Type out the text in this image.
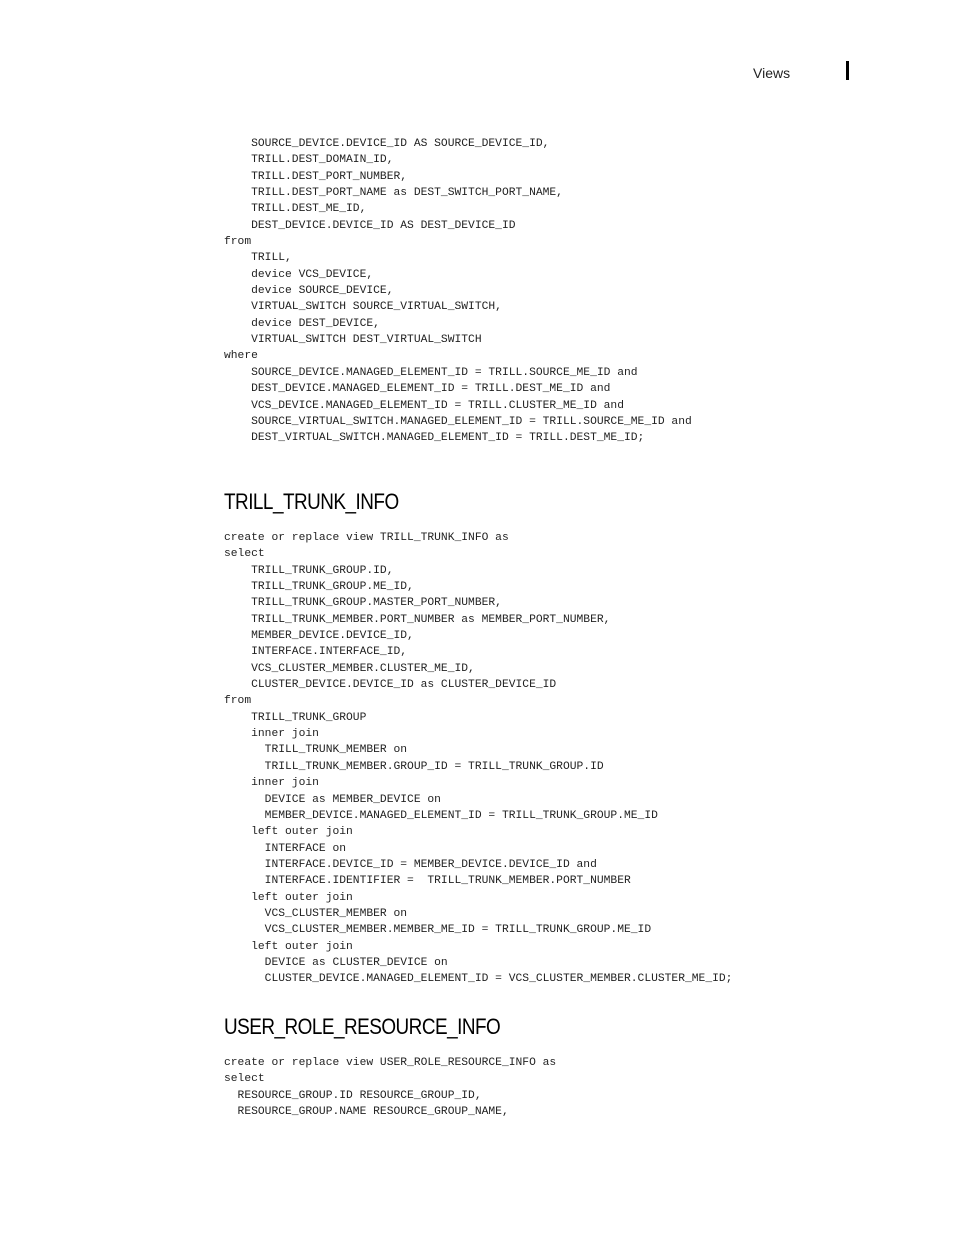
Views
SOURCE_DEVICE.DEVICE_ID AS SOURCE_DEVICE_ID,
TRILL.DEST_DOMAIN_ID,
TRILL.DEST_PORT_NUMBER,
TRILL.DEST_PORT_NAME as DEST_SWITCH_PORT_NAME,
TRILL.DEST_ME_ID,
DEST_DEVICE.DEVICE_ID AS DEST_DEVICE_ID
from
TRILL,
device VCS_DEVICE,
device SOURCE_DEVICE,
VIRTUAL_SWITCH SOURCE_VIRTUAL_SWITCH,
device DEST_DEVICE,
VIRTUAL_SWITCH DEST_VIRTUAL_SWITCH
where
SOURCE_DEVICE.MANAGED_ELEMENT_ID = TRILL.SOURCE_ME_ID and
DEST_DEVICE.MANAGED_ELEMENT_ID = TRILL.DEST_ME_ID and
VCS_DEVICE.MANAGED_ELEMENT_ID = TRILL.CLUSTER_ME_ID and
SOURCE_VIRTUAL_SWITCH.MANAGED_ELEMENT_ID = TRILL.SOURCE_ME_ID and
DEST_VIRTUAL_SWITCH.MANAGED_ELEMENT_ID = TRILL.DEST_ME_ID;
TRILL_TRUNK_INFO
create or replace view TRILL_TRUNK_INFO as
select
TRILL_TRUNK_GROUP.ID,
TRILL_TRUNK_GROUP.ME_ID,
TRILL_TRUNK_GROUP.MASTER_PORT_NUMBER,
TRILL_TRUNK_MEMBER.PORT_NUMBER as MEMBER_PORT_NUMBER,
MEMBER_DEVICE.DEVICE_ID,
INTERFACE.INTERFACE_ID,
VCS_CLUSTER_MEMBER.CLUSTER_ME_ID,
CLUSTER_DEVICE.DEVICE_ID as CLUSTER_DEVICE_ID
from
TRILL_TRUNK_GROUP
inner join
TRILL_TRUNK_MEMBER on
TRILL_TRUNK_MEMBER.GROUP_ID = TRILL_TRUNK_GROUP.ID
inner join
DEVICE as MEMBER_DEVICE on
MEMBER_DEVICE.MANAGED_ELEMENT_ID = TRILL_TRUNK_GROUP.ME_ID
left outer join
INTERFACE on
INTERFACE.DEVICE_ID = MEMBER_DEVICE.DEVICE_ID and
INTERFACE.IDENTIFIER =  TRILL_TRUNK_MEMBER.PORT_NUMBER
left outer join
VCS_CLUSTER_MEMBER on
VCS_CLUSTER_MEMBER.MEMBER_ME_ID = TRILL_TRUNK_GROUP.ME_ID
left outer join
DEVICE as CLUSTER_DEVICE on
CLUSTER_DEVICE.MANAGED_ELEMENT_ID = VCS_CLUSTER_MEMBER.CLUSTER_ME_ID;
USER_ROLE_RESOURCE_INFO
create or replace view USER_ROLE_RESOURCE_INFO as
select
RESOURCE_GROUP.ID RESOURCE_GROUP_ID,
RESOURCE_GROUP.NAME RESOURCE_GROUP_NAME,
